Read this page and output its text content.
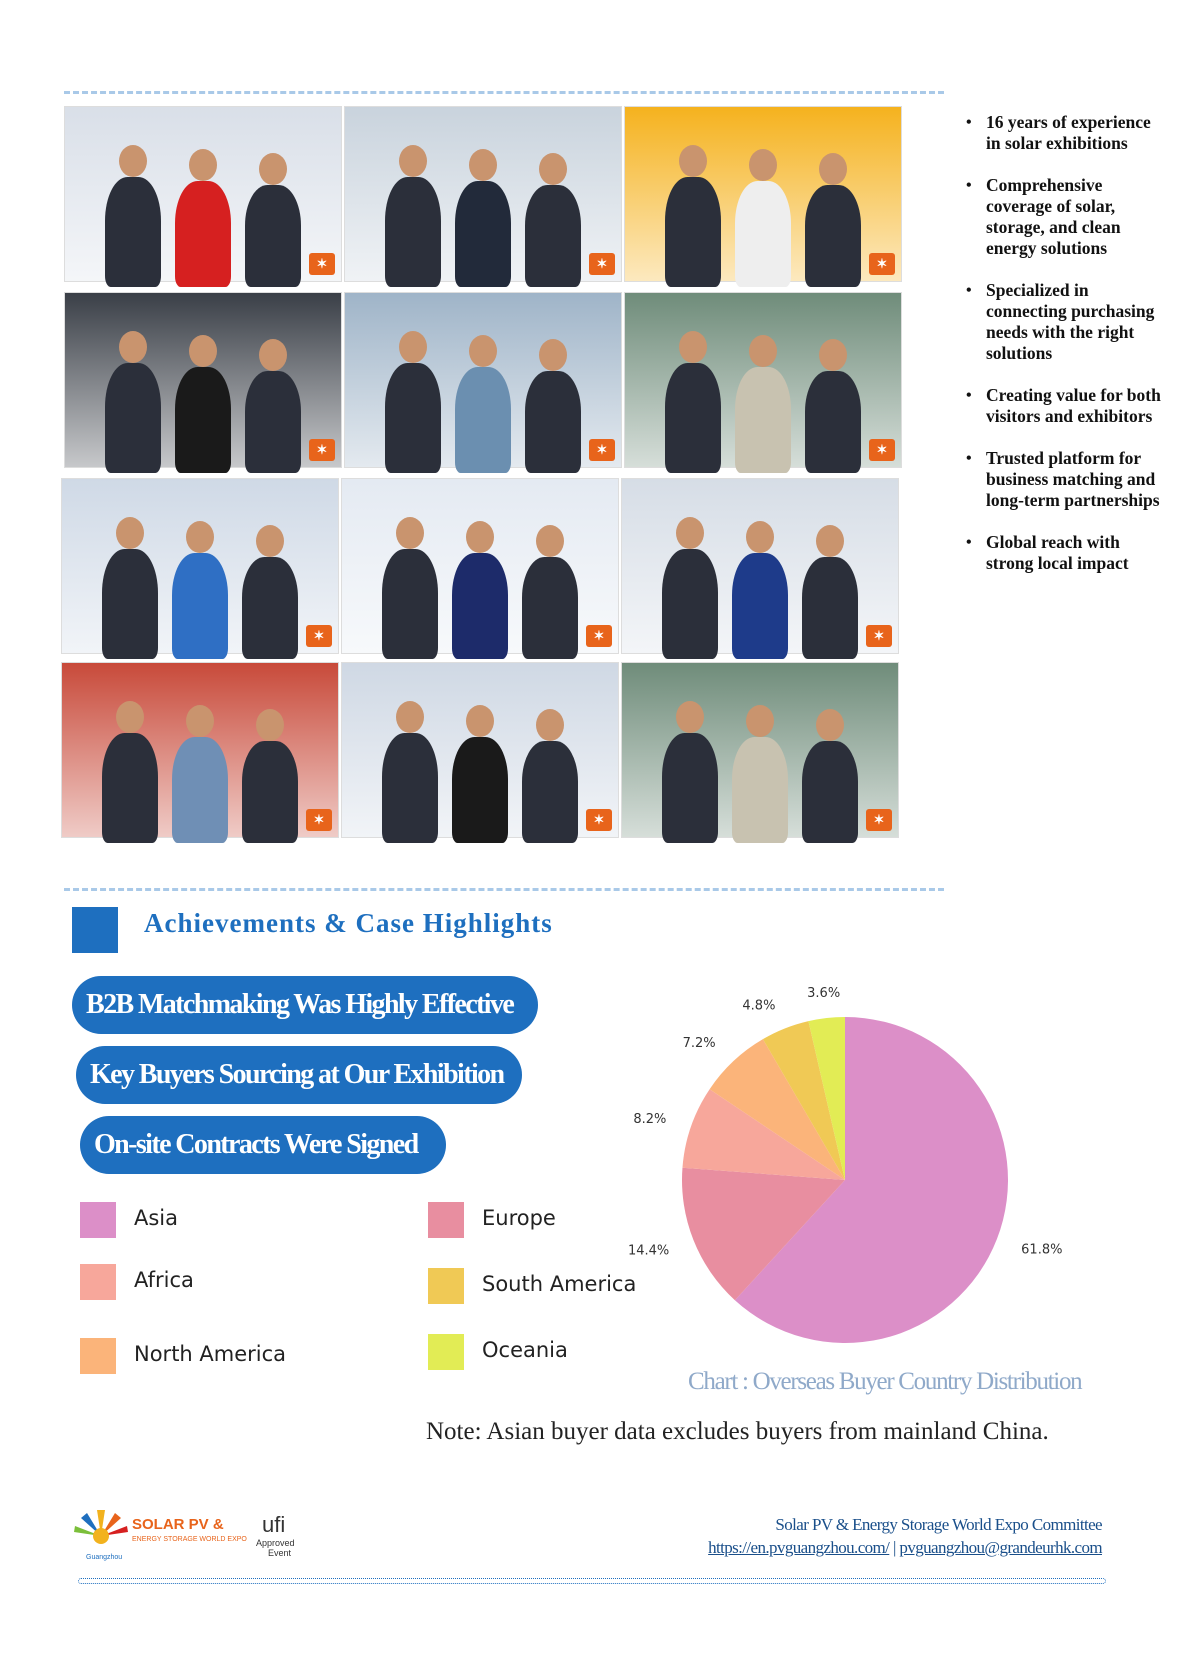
✶	✶	✶
✶	✶	✶
✶	✶	✶
✶	✶	✶
• 16 years of experience in solar exhibitions
• Comprehensive coverage of solar, storage, and clean energy solutions
• Specialized in connecting purchasing needs with the right solutions
• Creating value for both visitors and exhibitors
• Trusted platform for business matching and long-term partnerships
• Global reach with strong local impact
Achievements & Case Highlights
B2B Matchmaking Was Highly Effective
Key Buyers Sourcing at Our Exhibition
On-site Contracts Were Signed
Asia	Europe
Africa	South America
North America	Oceania
61.8%
14.4%
8.2%
7.2%
4.8%
3.6%
Chart : Overseas Buyer Country Distribution
Note: Asian buyer data excludes buyers from mainland China.
SOLAR PV &
ENERGY STORAGE WORLD EXPO
Guangzhou
ufi
Approved
Event
Solar PV & Energy Storage World Expo Committee
https://en.pvguangzhou.com/ | pvguangzhou@grandeurhk.com
